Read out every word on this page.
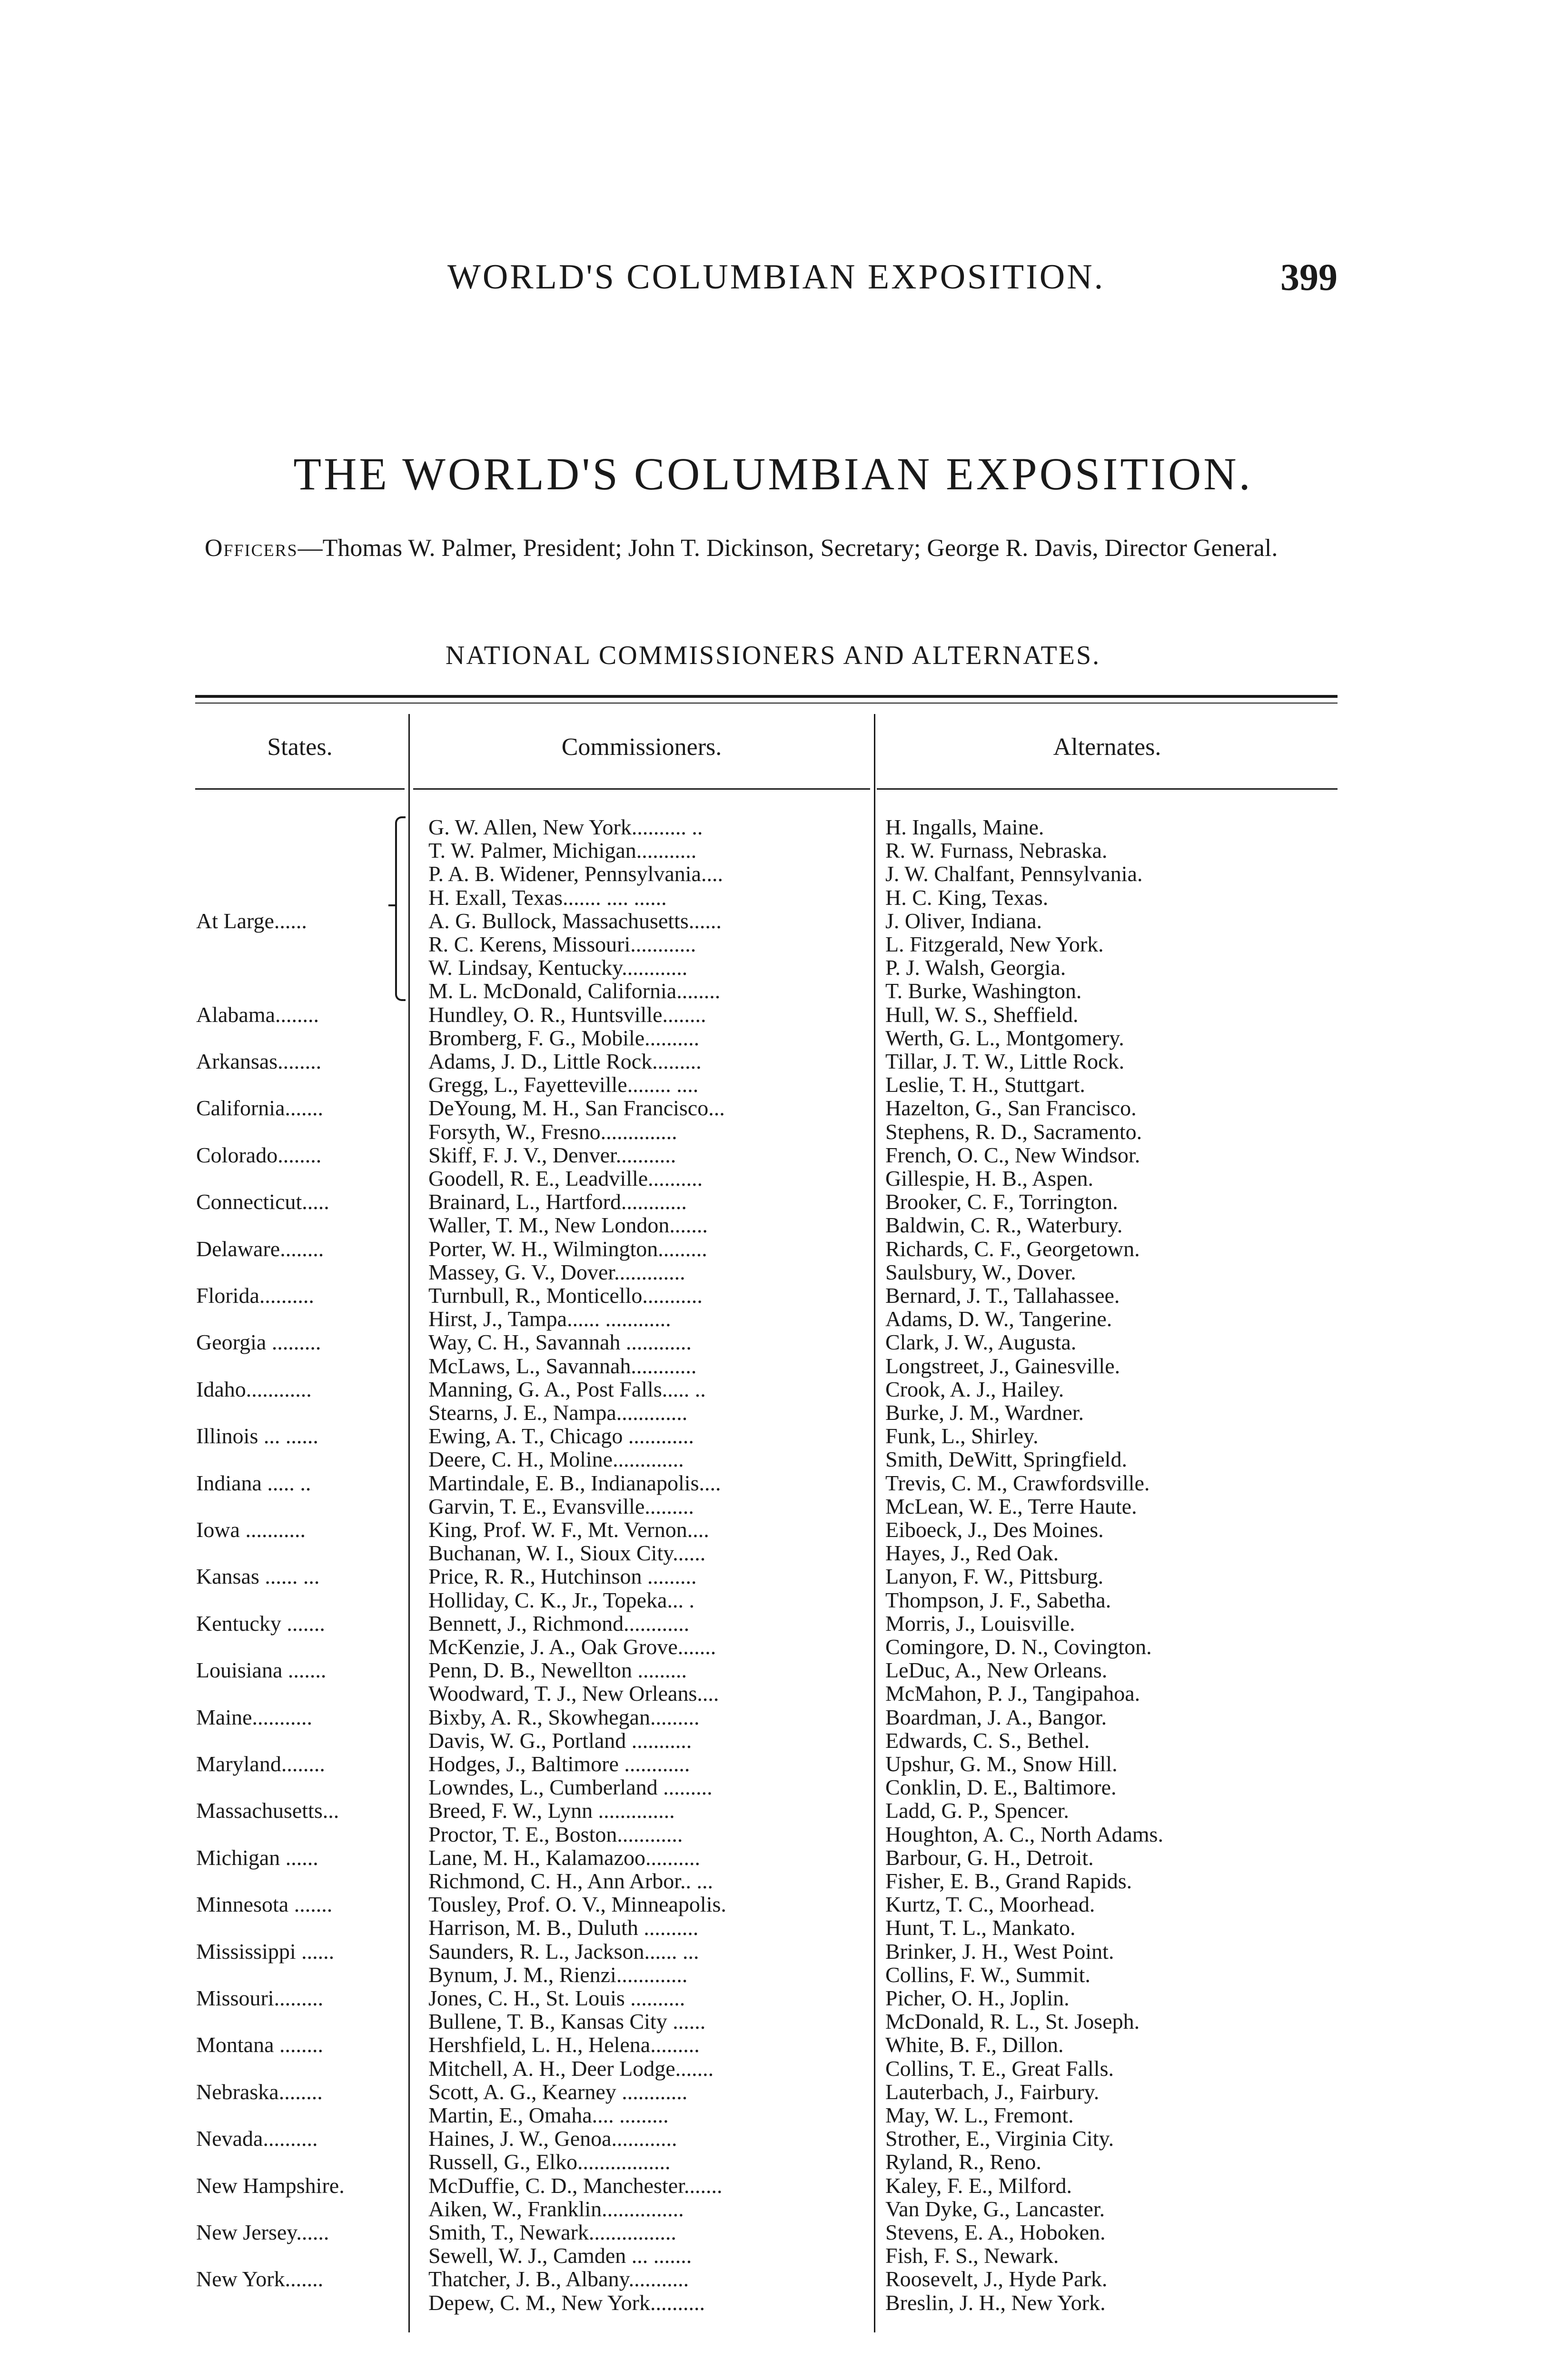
WORLD'S COLUMBIAN EXPOSITION.	399
THE WORLD'S COLUMBIAN EXPOSITION.
Officers—Thomas W. Palmer, President; John T. Dickinson, Secretary; George R. Davis, Director General.
NATIONAL COMMISSIONERS AND ALTERNATES.
States.	Commissioners.	Alternates.
G. W. Allen, New York.......... ..	H. Ingalls, Maine.
T. W. Palmer, Michigan...........	R. W. Furnass, Nebraska.
P. A. B. Widener, Pennsylvania....	J. W. Chalfant, Pennsylvania.
H. Exall, Texas....... .... ......	H. C. King, Texas.
At Large......	A. G. Bullock, Massachusetts......	J. Oliver, Indiana.
R. C. Kerens, Missouri............	L. Fitzgerald, New York.
W. Lindsay, Kentucky............	P. J. Walsh, Georgia.
M. L. McDonald, California........	T. Burke, Washington.
Alabama........	Hundley, O. R., Huntsville........	Hull, W. S., Sheffield.
Bromberg, F. G., Mobile..........	Werth, G. L., Montgomery.
Arkansas........	Adams, J. D., Little Rock.........	Tillar, J. T. W., Little Rock.
Gregg, L., Fayetteville........ ....	Leslie, T. H., Stuttgart.
California.......	DeYoung, M. H., San Francisco...	Hazelton, G., San Francisco.
Forsyth, W., Fresno..............	Stephens, R. D., Sacramento.
Colorado........	Skiff, F. J. V., Denver...........	French, O. C., New Windsor.
Goodell, R. E., Leadville..........	Gillespie, H. B., Aspen.
Connecticut.....	Brainard, L., Hartford............	Brooker, C. F., Torrington.
Waller, T. M., New London.......	Baldwin, C. R., Waterbury.
Delaware........	Porter, W. H., Wilmington.........	Richards, C. F., Georgetown.
Massey, G. V., Dover.............	Saulsbury, W., Dover.
Florida..........	Turnbull, R., Monticello...........	Bernard, J. T., Tallahassee.
Hirst, J., Tampa...... ............	Adams, D. W., Tangerine.
Georgia .........	Way, C. H., Savannah ............	Clark, J. W., Augusta.
McLaws, L., Savannah............	Longstreet, J., Gainesville.
Idaho............	Manning, G. A., Post Falls..... ..	Crook, A. J., Hailey.
Stearns, J. E., Nampa.............	Burke, J. M., Wardner.
Illinois ... ......	Ewing, A. T., Chicago ............	Funk, L., Shirley.
Deere, C. H., Moline.............	Smith, DeWitt, Springfield.
Indiana ..... ..	Martindale, E. B., Indianapolis....	Trevis, C. M., Crawfordsville.
Garvin, T. E., Evansville.........	McLean, W. E., Terre Haute.
Iowa ...........	King, Prof. W. F., Mt. Vernon....	Eiboeck, J., Des Moines.
Buchanan, W. I., Sioux City......	Hayes, J., Red Oak.
Kansas ...... ...	Price, R. R., Hutchinson .........	Lanyon, F. W., Pittsburg.
Holliday, C. K., Jr., Topeka... .	Thompson, J. F., Sabetha.
Kentucky .......	Bennett, J., Richmond............	Morris, J., Louisville.
McKenzie, J. A., Oak Grove.......	Comingore, D. N., Covington.
Louisiana .......	Penn, D. B., Newellton .........	LeDuc, A., New Orleans.
Woodward, T. J., New Orleans....	McMahon, P. J., Tangipahoa.
Maine...........	Bixby, A. R., Skowhegan.........	Boardman, J. A., Bangor.
Davis, W. G., Portland ...........	Edwards, C. S., Bethel.
Maryland........	Hodges, J., Baltimore ............	Upshur, G. M., Snow Hill.
Lowndes, L., Cumberland .........	Conklin, D. E., Baltimore.
Massachusetts...	Breed, F. W., Lynn ..............	Ladd, G. P., Spencer.
Proctor, T. E., Boston............	Houghton, A. C., North Adams.
Michigan ......	Lane, M. H., Kalamazoo..........	Barbour, G. H., Detroit.
Richmond, C. H., Ann Arbor.. ...	Fisher, E. B., Grand Rapids.
Minnesota .......	Tousley, Prof. O. V., Minneapolis.	Kurtz, T. C., Moorhead.
Harrison, M. B., Duluth ..........	Hunt, T. L., Mankato.
Mississippi ......	Saunders, R. L., Jackson...... ...	Brinker, J. H., West Point.
Bynum, J. M., Rienzi.............	Collins, F. W., Summit.
Missouri.........	Jones, C. H., St. Louis ..........	Picher, O. H., Joplin.
Bullene, T. B., Kansas City ......	McDonald, R. L., St. Joseph.
Montana ........	Hershfield, L. H., Helena.........	White, B. F., Dillon.
Mitchell, A. H., Deer Lodge.......	Collins, T. E., Great Falls.
Nebraska........	Scott, A. G., Kearney ............	Lauterbach, J., Fairbury.
Martin, E., Omaha.... .........	May, W. L., Fremont.
Nevada..........	Haines, J. W., Genoa............	Strother, E., Virginia City.
Russell, G., Elko.................	Ryland, R., Reno.
New Hampshire.	McDuffie, C. D., Manchester.......	Kaley, F. E., Milford.
Aiken, W., Franklin...............	Van Dyke, G., Lancaster.
New Jersey......	Smith, T., Newark................	Stevens, E. A., Hoboken.
Sewell, W. J., Camden ... .......	Fish, F. S., Newark.
New York.......	Thatcher, J. B., Albany...........	Roosevelt, J., Hyde Park.
Depew, C. M., New York..........	Breslin, J. H., New York.
